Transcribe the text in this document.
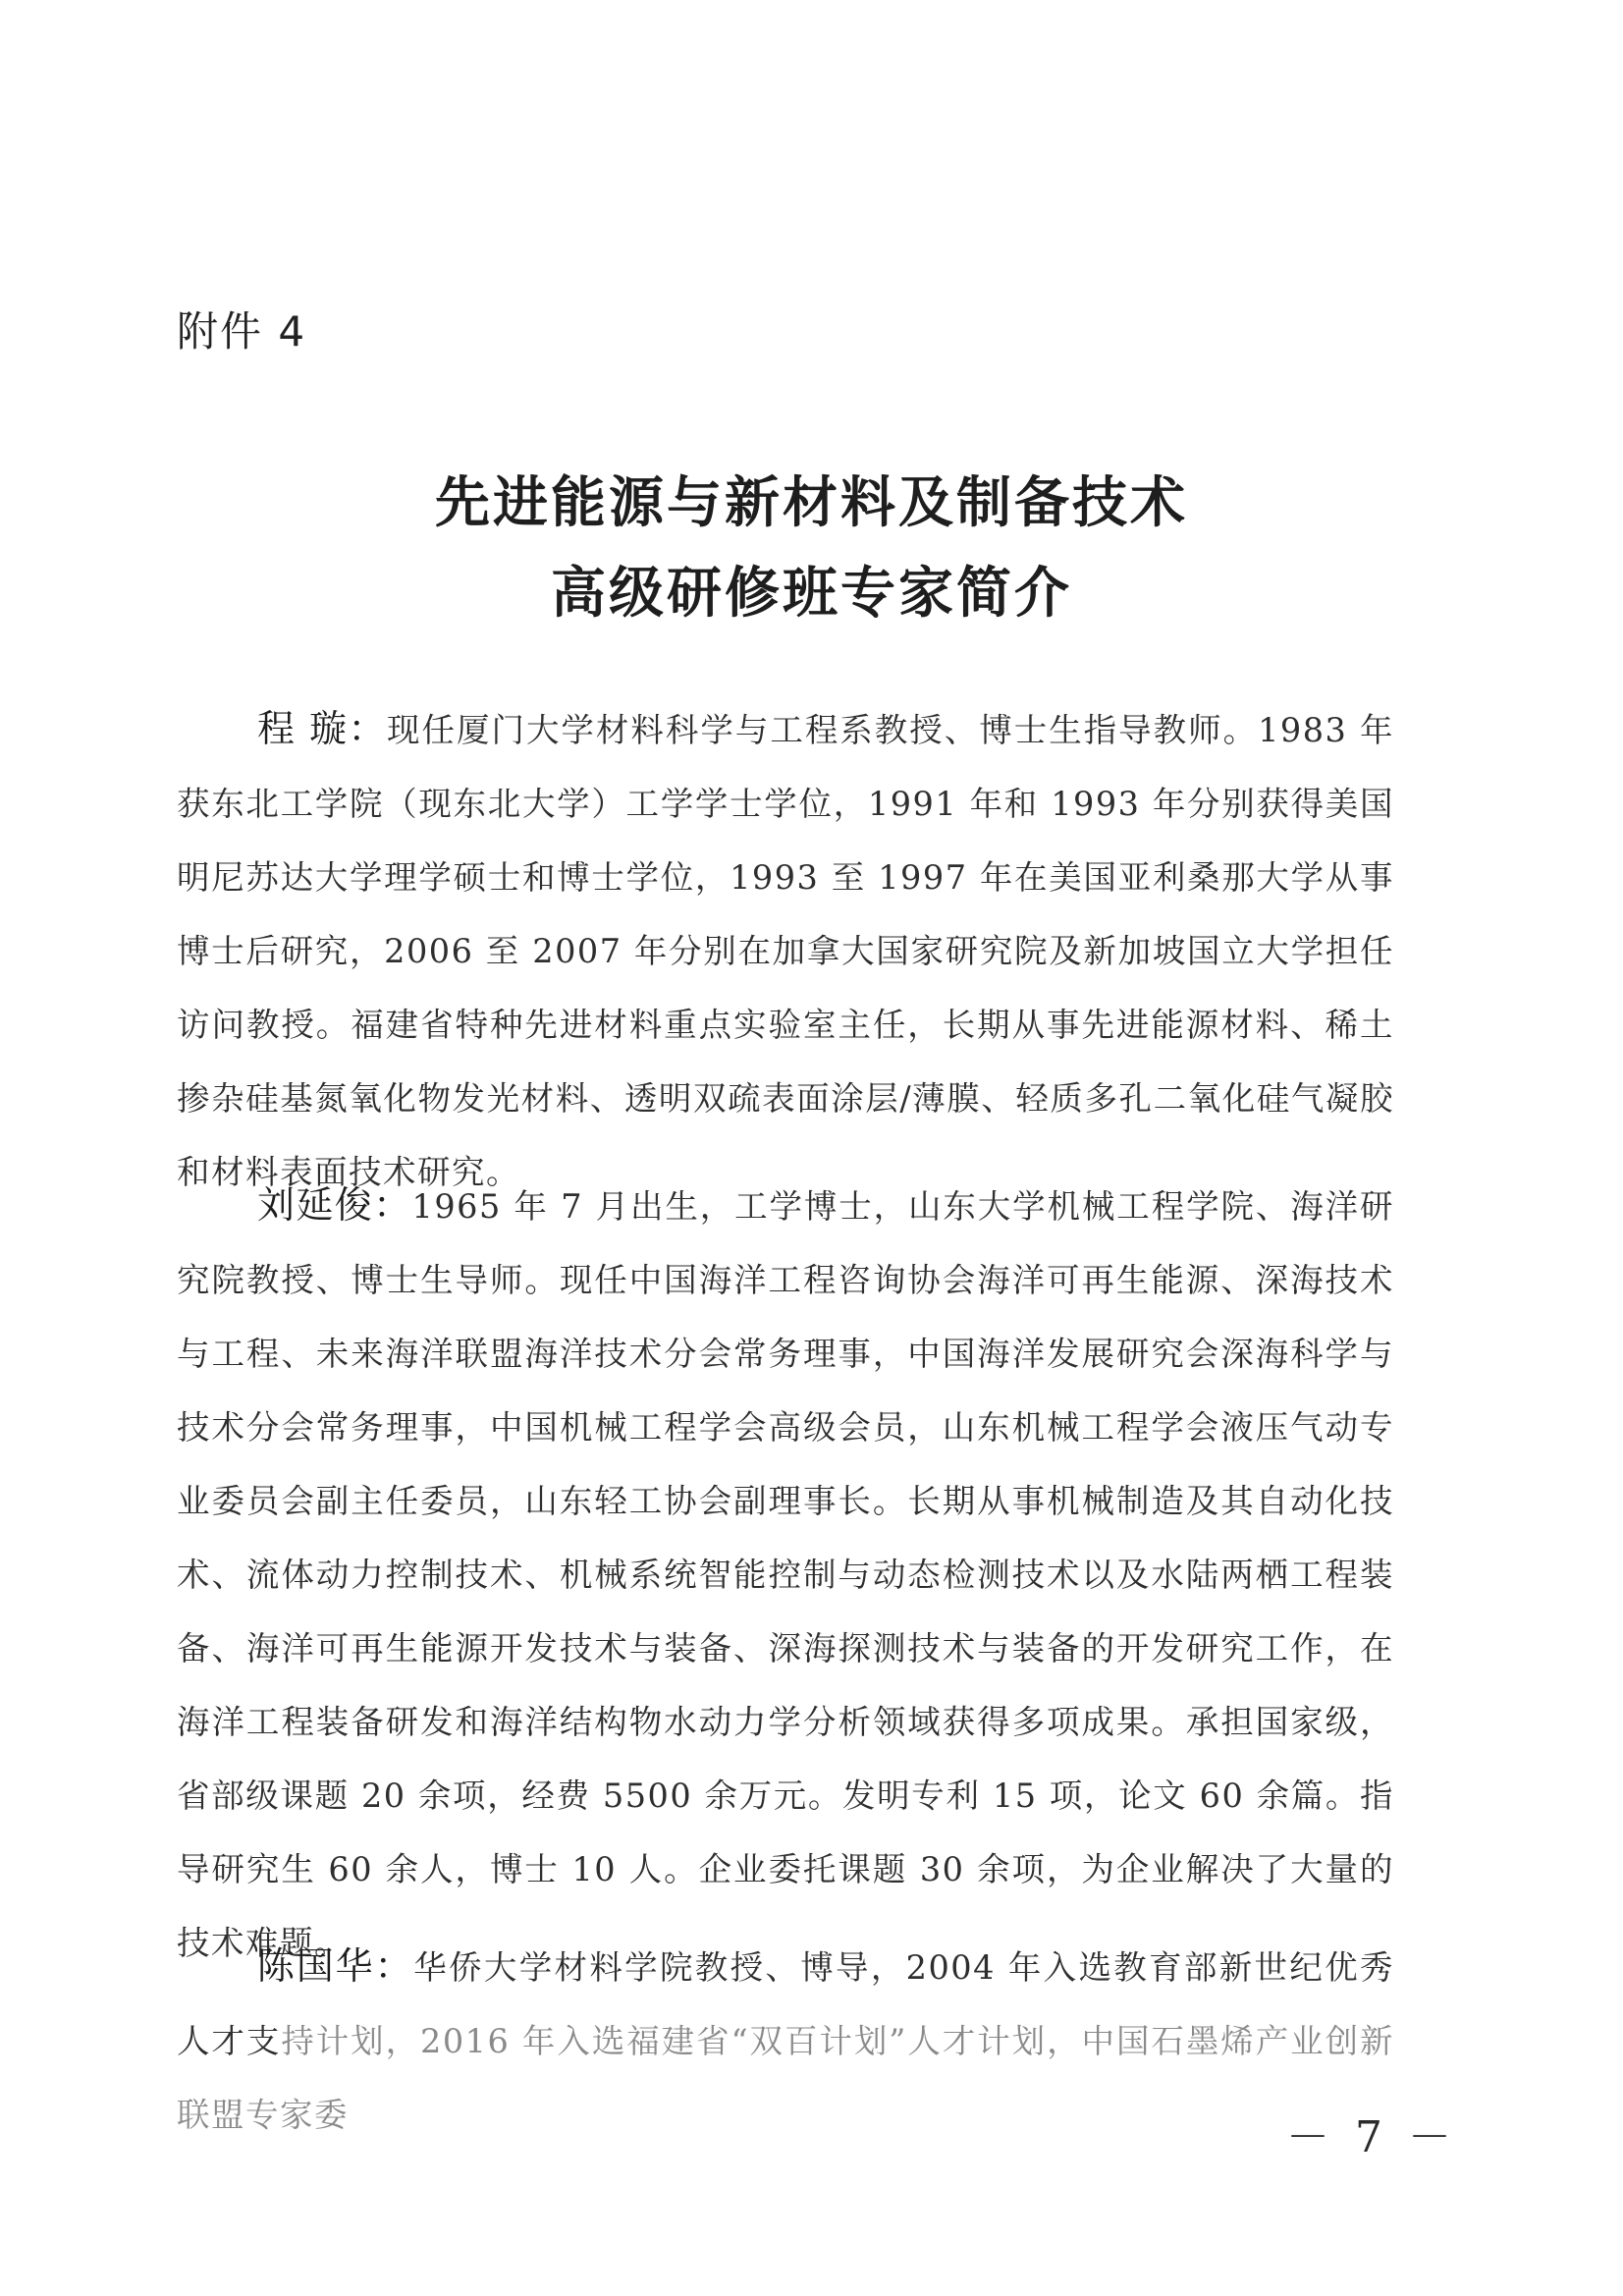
附件 4
先进能源与新材料及制备技术
高级研修班专家简介
程 璇：现任厦门大学材料科学与工程系教授、博士生指导教师。1983 年获东北工学院（现东北大学）工学学士学位，1991 年和 1993 年分别获得美国明尼苏达大学理学硕士和博士学位，1993 至 1997 年在美国亚利桑那大学从事博士后研究，2006 至 2007 年分别在加拿大国家研究院及新加坡国立大学担任访问教授。福建省特种先进材料重点实验室主任，长期从事先进能源材料、稀土掺杂硅基氮氧化物发光材料、透明双疏表面涂层/薄膜、轻质多孔二氧化硅气凝胶和材料表面技术研究。
刘延俊：1965 年 7 月出生，工学博士，山东大学机械工程学院、海洋研究院教授、博士生导师。现任中国海洋工程咨询协会海洋可再生能源、深海技术与工程、未来海洋联盟海洋技术分会常务理事，中国海洋发展研究会深海科学与技术分会常务理事，中国机械工程学会高级会员，山东机械工程学会液压气动专业委员会副主任委员，山东轻工协会副理事长。长期从事机械制造及其自动化技术、流体动力控制技术、机械系统智能控制与动态检测技术以及水陆两栖工程装备、海洋可再生能源开发技术与装备、深海探测技术与装备的开发研究工作，在海洋工程装备研发和海洋结构物水动力学分析领域获得多项成果。承担国家级，省部级课题 20 余项，经费 5500 余万元。发明专利 15 项，论文 60 余篇。指导研究生 60 余人，博士 10 人。企业委托课题 30 余项，为企业解决了大量的技术难题。
陈国华：华侨大学材料学院教授、博导，2004 年入选教育部新世纪优秀人才支持计划，2016 年入选福建省“双百计划”人才计划，中国石墨烯产业创新联盟专家委	－ 7 －
